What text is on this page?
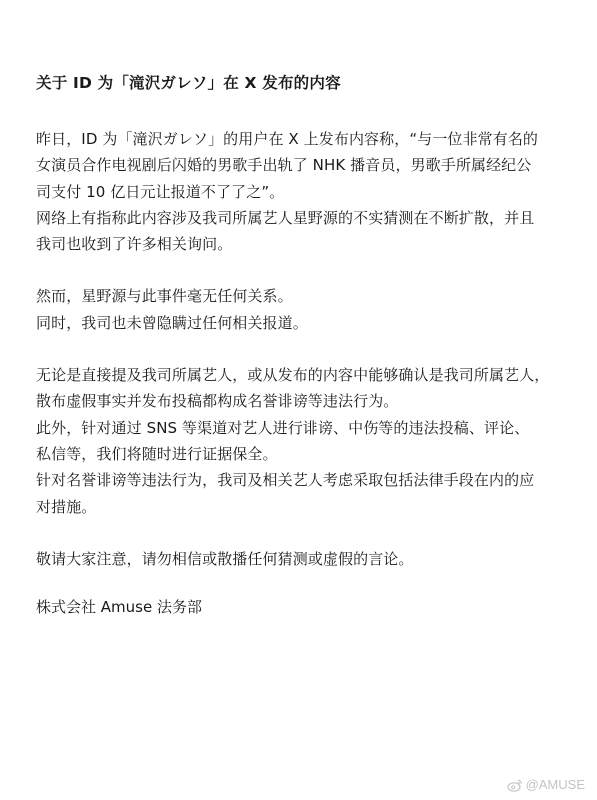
关于 ID 为「滝沢ガレソ」在 X 发布的内容
昨日，ID 为「滝沢ガレソ」的用户在 X 上发布内容称，“与一位非常有名的
女演员合作电视剧后闪婚的男歌手出轨了 NHK 播音员，男歌手所属经纪公
司支付 10 亿日元让报道不了了之”。
网络上有指称此内容涉及我司所属艺人星野源的不实猜测在不断扩散，并且
我司也收到了许多相关询问。
然而，星野源与此事件毫无任何关系。
同时，我司也未曾隐瞒过任何相关报道。
无论是直接提及我司所属艺人，或从发布的内容中能够确认是我司所属艺人，
散布虚假事实并发布投稿都构成名誉诽谤等违法行为。
此外，针对通过 SNS 等渠道对艺人进行诽谤、中伤等的违法投稿、评论、
私信等，我们将随时进行证据保全。
针对名誉诽谤等违法行为，我司及相关艺人考虑采取包括法律手段在内的应
对措施。
敬请大家注意，请勿相信或散播任何猜测或虚假的言论。
株式会社 Amuse 法务部
@AMUSE
